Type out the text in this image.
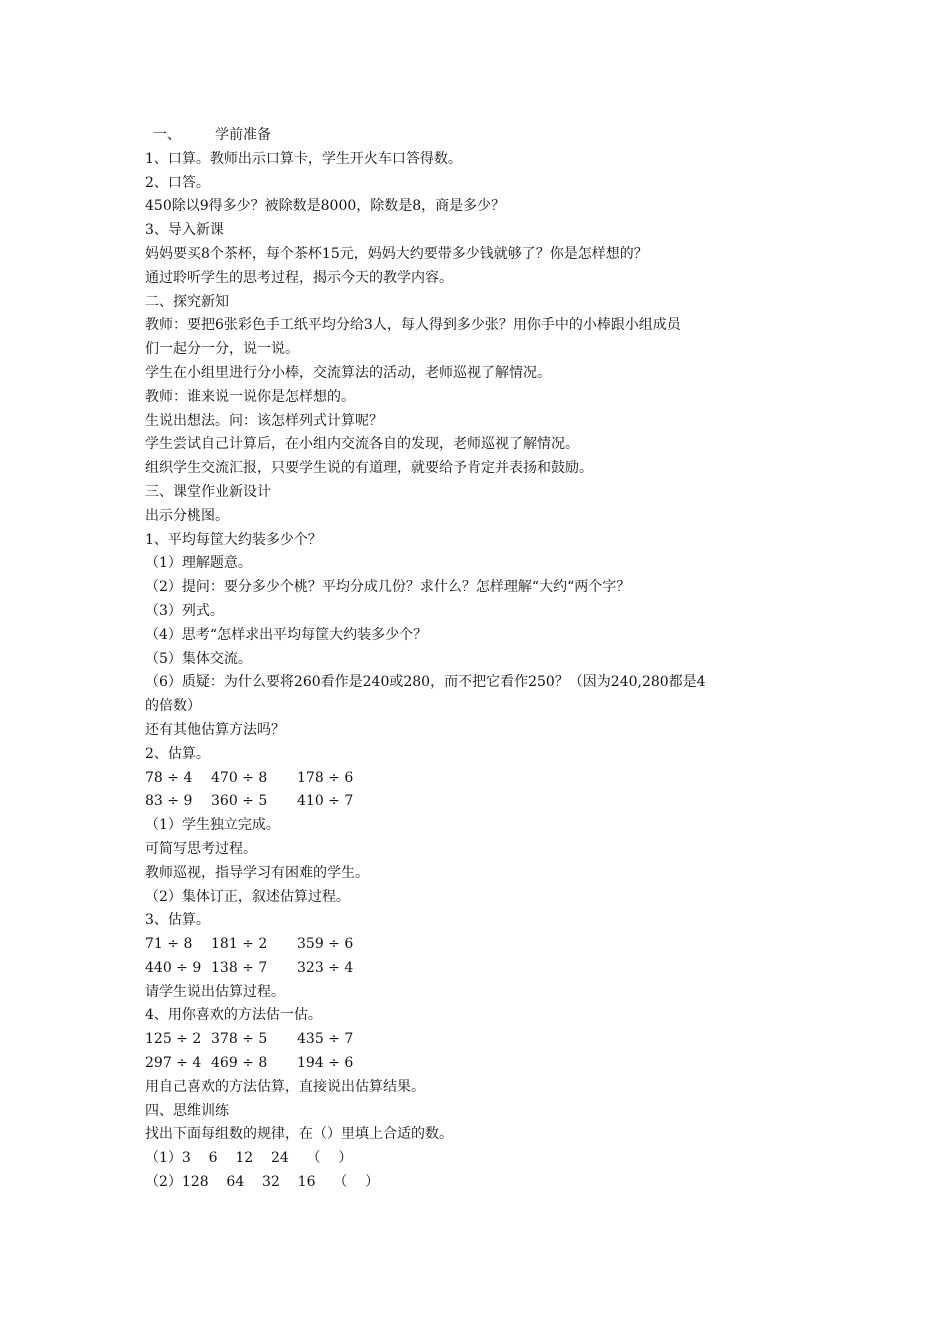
一、 学前准备
1、口算。教师出示口算卡，学生开火车口答得数。
2、口答。
450除以9得多少？被除数是8000，除数是8，商是多少？
3、导入新课
妈妈要买8个茶杯，每个茶杯15元，妈妈大约要带多少钱就够了？你是怎样想的？
通过聆听学生的思考过程，揭示今天的教学内容。
二、探究新知
教师：要把6张彩色手工纸平均分给3人，每人得到多少张？用你手中的小棒跟小组成员
们一起分一分，说一说。
学生在小组里进行分小棒，交流算法的活动，老师巡视了解情况。
教师：谁来说一说你是怎样想的。
生说出想法。问：该怎样列式计算呢？
学生尝试自己计算后，在小组内交流各自的发现，老师巡视了解情况。
组织学生交流汇报，只要学生说的有道理，就要给予肯定并表扬和鼓励。
三、课堂作业新设计
出示分桃图。
1、平均每筐大约装多少个？
（1）理解题意。
（2）提问：要分多少个桃？平均分成几份？求什么？怎样理解“大约“两个字？
（3）列式。
（4）思考“怎样求出平均每筐大约装多少个？
（5）集体交流。
（6）质疑：为什么要将260看作是240或280，而不把它看作250？（因为240,280都是4
的倍数）
还有其他估算方法吗？
2、估算。
78 ÷ 4 470 ÷ 8 178 ÷ 6
83 ÷ 9 360 ÷ 5 410 ÷ 7
（1）学生独立完成。
可简写思考过程。
教师巡视，指导学习有困难的学生。
（2）集体订正，叙述估算过程。
3、估算。
71 ÷ 8 181 ÷ 2 359 ÷ 6
440 ÷ 9 138 ÷ 7 323 ÷ 4
请学生说出估算过程。
4、用你喜欢的方法估一估。
125 ÷ 2 378 ÷ 5 435 ÷ 7
297 ÷ 4 469 ÷ 8 194 ÷ 6
用自己喜欢的方法估算，直接说出估算结果。
四、思维训练
找出下面每组数的规律，在（）里填上合适的数。
（1）3    6    12    24    （    ）
（2）128    64    32    16    （    ）
